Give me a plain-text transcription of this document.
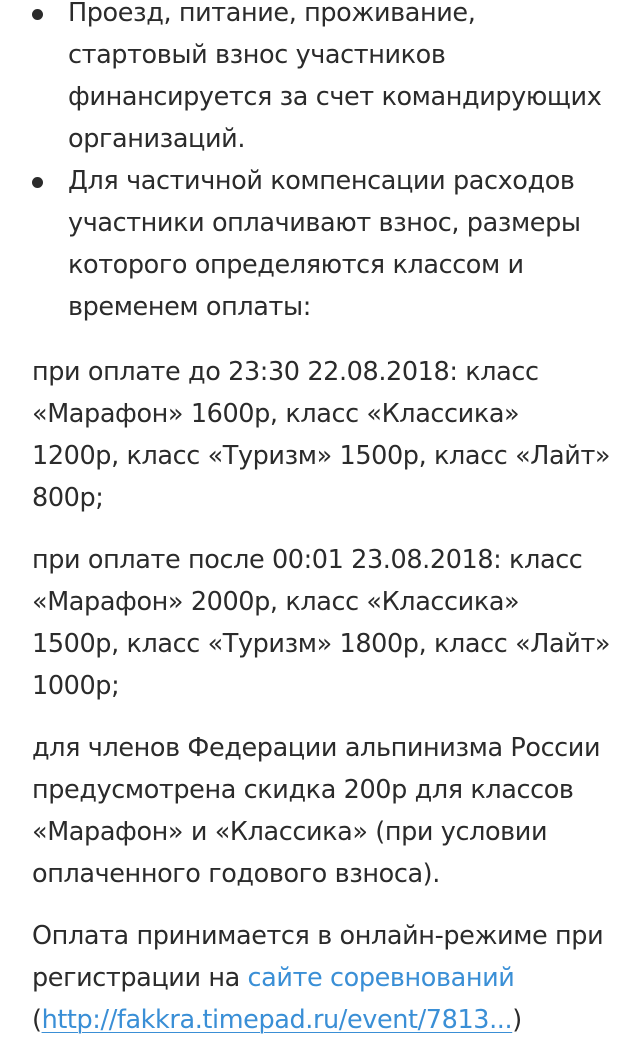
Проезд, питание, проживание, стартовый взнос участников финансируется за счет командирующих организаций.
Для частичной компенсации расходов участники оплачивают взнос, размеры которого определяются классом и временем оплаты:

при оплате до 23:30 22.08.2018: класс «Марафон» 1600р, класс «Классика» 1200р, класс «Туризм» 1500р, класс «Лайт» 800р;

при оплате после 00:01 23.08.2018: класс «Марафон» 2000р, класс «Классика» 1500р, класс «Туризм» 1800р, класс «Лайт» 1000р;

для членов Федерации альпинизма России предусмотрена скидка 200р для классов «Марафон» и «Классика» (при условии оплаченного годового взноса).

Оплата принимается в онлайн-режиме при регистрации на сайте соревнований (http://fakkra.timepad.ru/event/7813...)
